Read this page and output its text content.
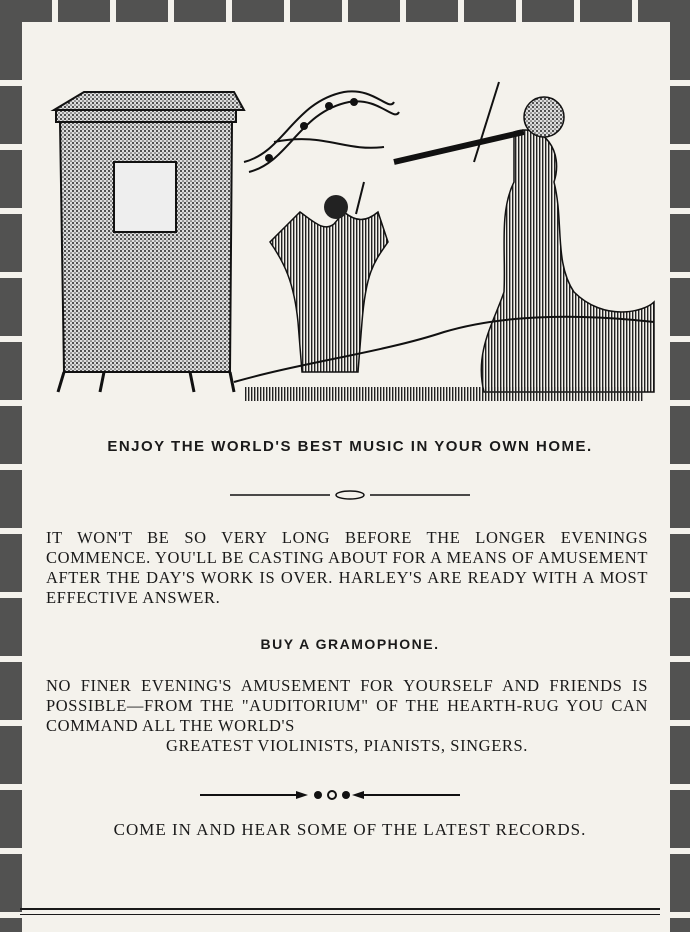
ENJOY THE WORLD'S BEST MUSIC IN YOUR OWN HOME.
IT WON'T BE SO VERY LONG BEFORE THE LONGER EVENINGS COMMENCE. YOU'LL BE CASTING ABOUT FOR A MEANS OF AMUSEMENT AFTER THE DAY'S WORK IS OVER. HARLEY'S ARE READY WITH A MOST EFFECTIVE ANSWER.
BUY A GRAMOPHONE.
NO FINER EVENING'S AMUSEMENT FOR YOURSELF AND FRIENDS IS POSSIBLE—FROM THE "AUDITORIUM" OF THE HEARTH-RUG YOU CAN COMMAND ALL THE WORLD'S
GREATEST VIOLINISTS, PIANISTS, SINGERS.
COME IN AND HEAR SOME OF THE LATEST RECORDS.
